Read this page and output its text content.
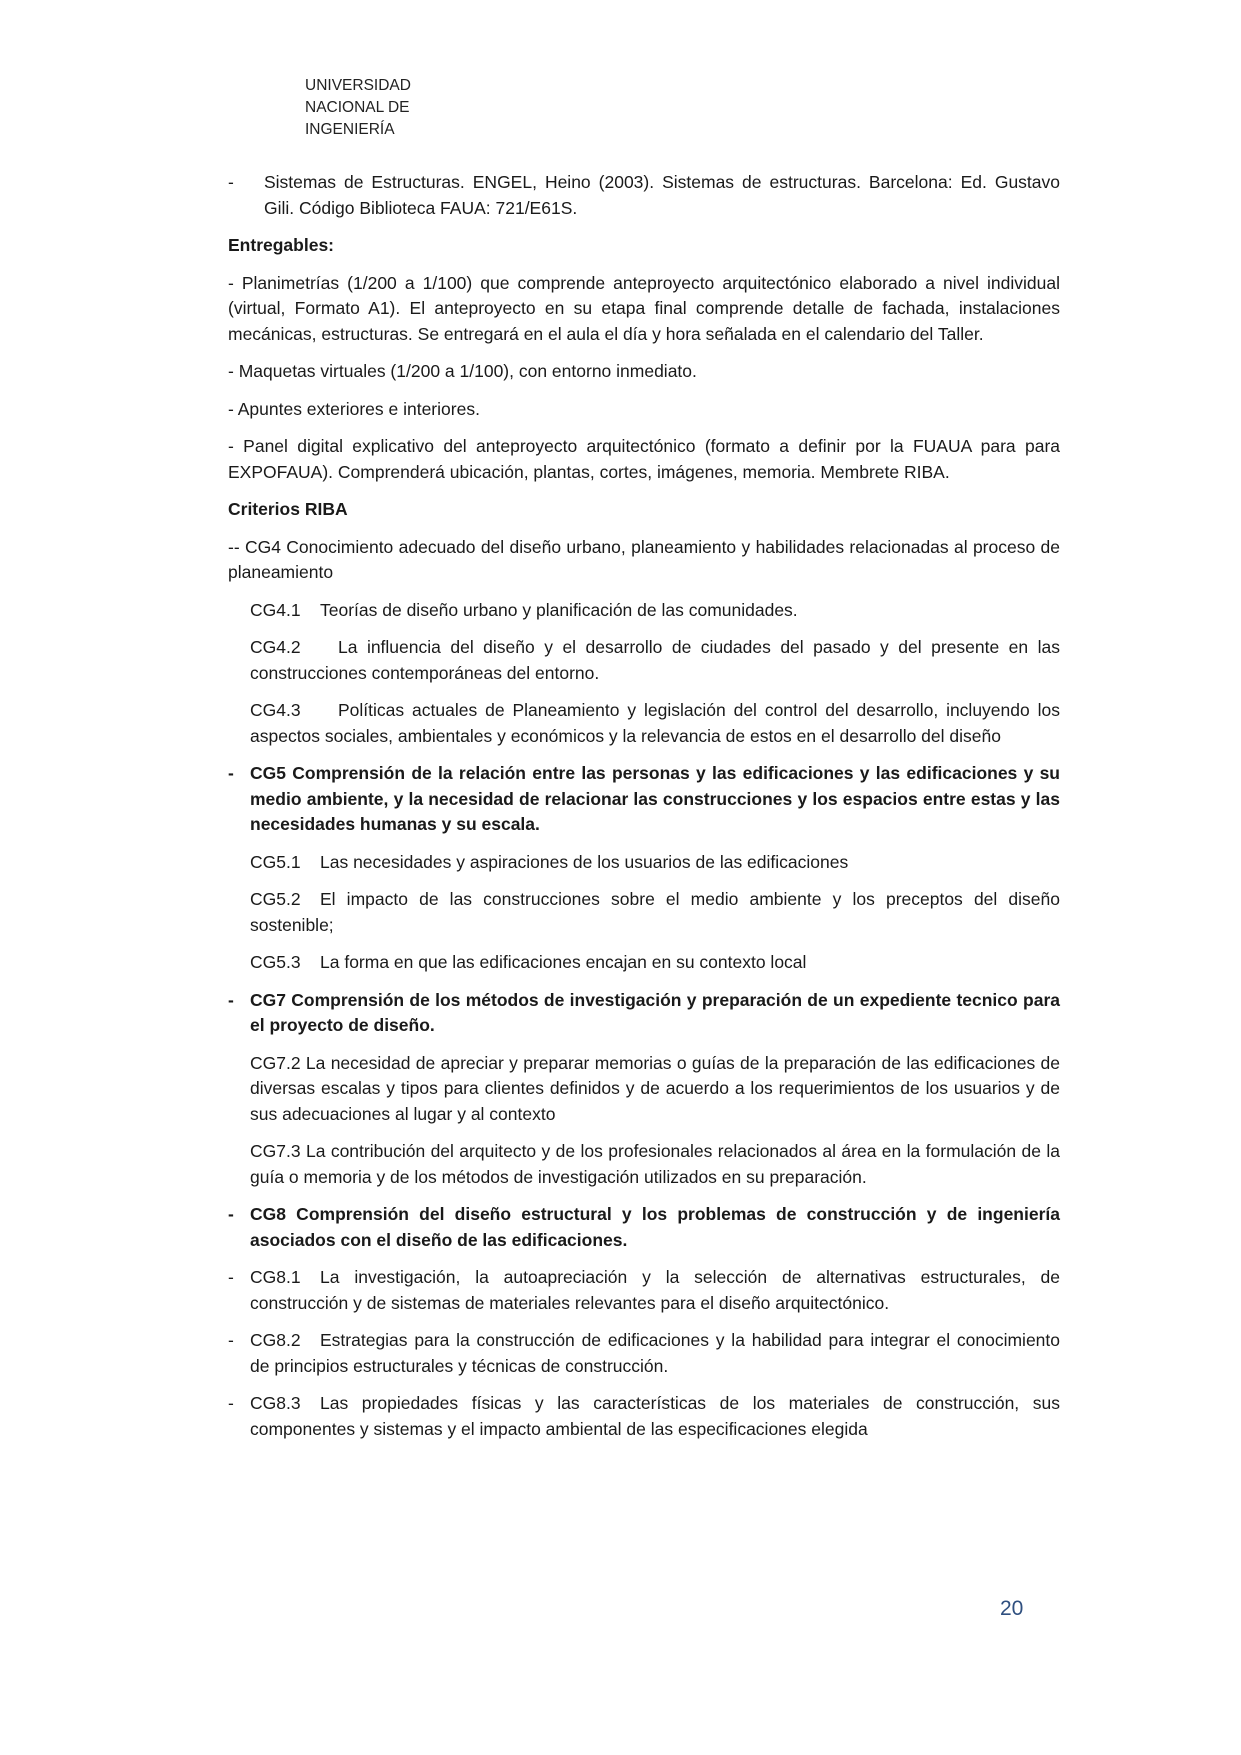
UNIVERSIDAD
NACIONAL DE
INGENIERÍA
- Sistemas de Estructuras. ENGEL, Heino (2003). Sistemas de estructuras. Barcelona: Ed. Gustavo Gili. Código Biblioteca FAUA: 721/E61S.
Entregables:
- Planimetrías (1/200 a 1/100) que comprende anteproyecto arquitectónico elaborado a nivel individual (virtual, Formato A1). El anteproyecto en su etapa final comprende detalle de fachada, instalaciones mecánicas, estructuras. Se entregará en el aula el día y hora señalada en el calendario del Taller.
- Maquetas virtuales (1/200 a 1/100), con entorno inmediato.
- Apuntes exteriores e interiores.
- Panel digital explicativo del anteproyecto arquitectónico (formato a definir por la FUAUA para para EXPOFAUA). Comprenderá ubicación, plantas, cortes, imágenes, memoria. Membrete RIBA.
Criterios RIBA
-- CG4 Conocimiento adecuado del diseño urbano, planeamiento y habilidades relacionadas al proceso de planeamiento
CG4.1 Teorías de diseño urbano y planificación de las comunidades.
CG4.2 La influencia del diseño y el desarrollo de ciudades del pasado y del presente en las construcciones contemporáneas del entorno.
CG4.3 Políticas actuales de Planeamiento y legislación del control del desarrollo, incluyendo los aspectos sociales, ambientales y económicos y la relevancia de estos en el desarrollo del diseño
- CG5 Comprensión de la relación entre las personas y las edificaciones y las edificaciones y su medio ambiente, y la necesidad de relacionar las construcciones y los espacios entre estas y las necesidades humanas y su escala.
CG5.1 Las necesidades y aspiraciones de los usuarios de las edificaciones
CG5.2 El impacto de las construcciones sobre el medio ambiente y los preceptos del diseño sostenible;
CG5.3 La forma en que las edificaciones encajan en su contexto local
- CG7 Comprensión de los métodos de investigación y preparación de un expediente tecnico para el proyecto de diseño.
CG7.2 La necesidad de apreciar y preparar memorias o guías de la preparación de las edificaciones de diversas escalas y tipos para clientes definidos y de acuerdo a los requerimientos de los usuarios y de sus adecuaciones al lugar y al contexto
CG7.3 La contribución del arquitecto y de los profesionales relacionados al área en la formulación de la guía o memoria y de los métodos de investigación utilizados en su preparación.
- CG8 Comprensión del diseño estructural y los problemas de construcción y de ingeniería asociados con el diseño de las edificaciones.
- CG8.1 La investigación, la autoapreciación y la selección de alternativas estructurales, de construcción y de sistemas de materiales relevantes para el diseño arquitectónico.
- CG8.2 Estrategias para la construcción de edificaciones y la habilidad para integrar el conocimiento de principios estructurales y técnicas de construcción.
- CG8.3 Las propiedades físicas y las características de los materiales de construcción, sus componentes y sistemas y el impacto ambiental de las especificaciones elegida
20
